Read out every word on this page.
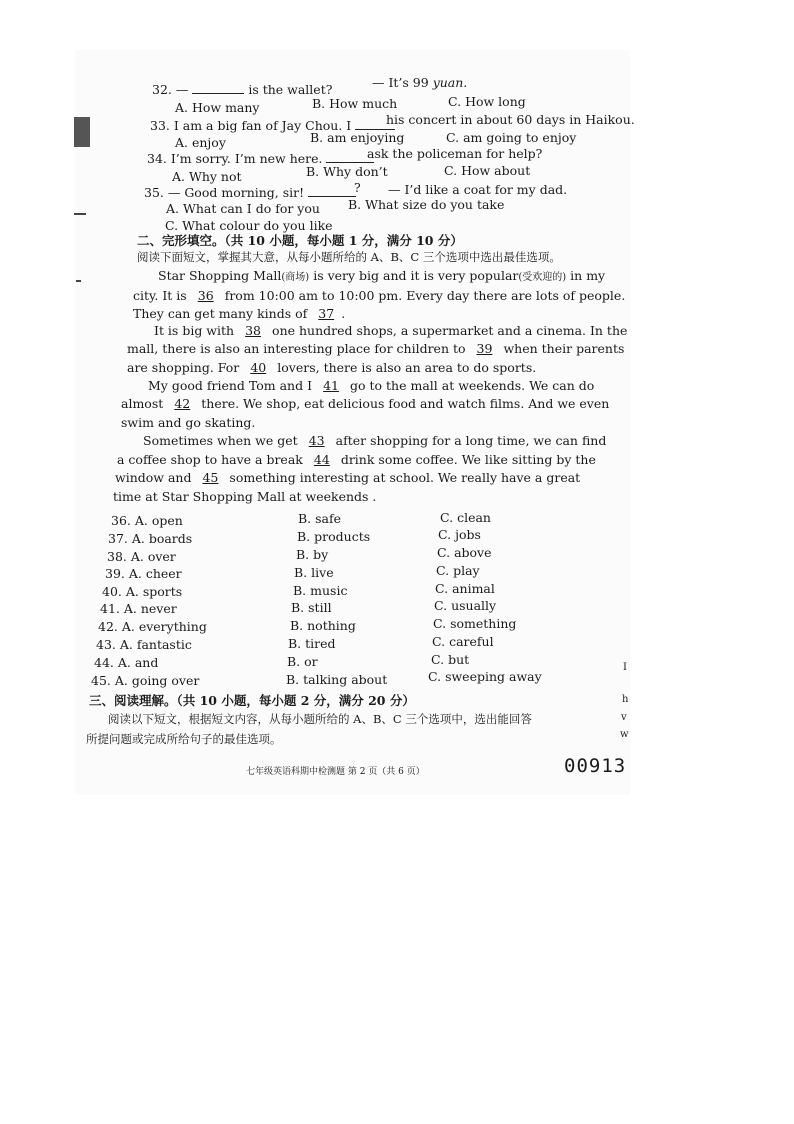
32. —	is the wallet?	— It’s 99 yuan.
A. How many	B. How much	C. How long
33. I am a big fan of Jay Chou. I	his concert in about 60 days in Haikou.
A. enjoy	B. am enjoying	C. am going to enjoy
34. I’m sorry. I’m new here.	ask the policeman for help?
A. Why not	B. Why don’t	C. How about
35. — Good morning, sir!	? — I’d like a coat for my dad.
A. What can I do for you B. What size do you take
C. What colour do you like
二、完形填空。（共 10 小题，每小题 1 分，满分 10 分）
阅读下面短文，掌握其大意，从每小题所给的 A、B、C 三个选项中选出最佳选项。
Star Shopping Mall(商场) is very big and it is very popular(受欢迎的) in my
city. It is 36 from 10:00 am to 10:00 pm. Every day there are lots of people.
They can get many kinds of 37 .
It is big with 38 one hundred shops, a supermarket and a cinema. In the
mall, there is also an interesting place for children to 39 when their parents
are shopping. For 40 lovers, there is also an area to do sports.
My good friend Tom and I 41 go to the mall at weekends. We can do
almost 42 there. We shop, eat delicious food and watch films. And we even
swim and go skating.
Sometimes when we get 43 after shopping for a long time, we can find
a coffee shop to have a break 44 drink some coffee. We like sitting by the
window and 45 something interesting at school. We really have a great
time at Star Shopping Mall at weekends .
36. A. open	B. safe	C. clean
37. A. boards	B. products	C. jobs
38. A. over	B. by	C. above
39. A. cheer	B. live	C. play
40. A. sports	B. music	C. animal
41. A. never	B. still	C. usually
42. A. everything	B. nothing	C. something
43. A. fantastic	B. tired	C. careful
44. A. and	B. or	C. but
45. A. going over	B. talking about	C. sweeping away
三、阅读理解。（共 10 小题，每小题 2 分，满分 20 分）
阅读以下短文，根据短文内容，从每小题所给的 A、B、C 三个选项中，选出能回答
所提问题或完成所给句子的最佳选项。
I
h
v
w
七年级英语科期中检测题 第 2 页（共 6 页）	00913
